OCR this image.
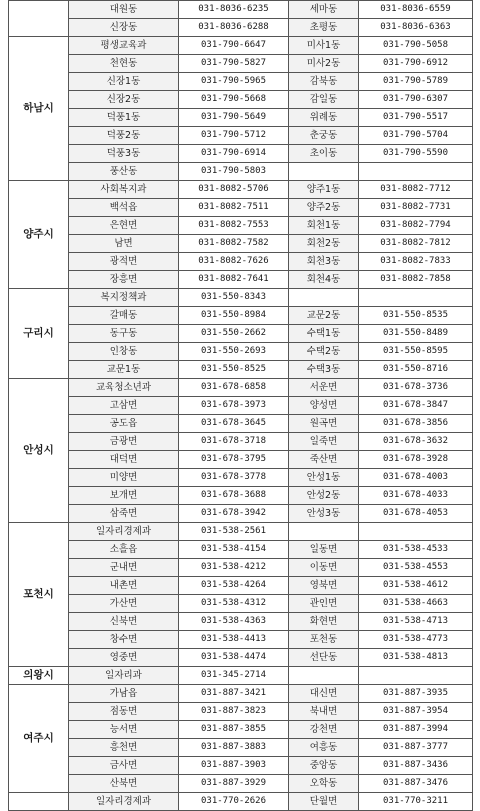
	대원동	031-8036-6235	세마동	031-8036-6559
	신장동	031-8036-6288	초평동	031-8036-6363
하남시	평생교육과	031-790-6647	미사1동	031-790-5058
	천현동	031-790-5827	미사2동	031-790-6912
	신장1동	031-790-5965	감북동	031-790-5789
	신장2동	031-790-5668	감일동	031-790-6307
	덕풍1동	031-790-5649	위례동	031-790-5517
	덕풍2동	031-790-5712	춘궁동	031-790-5704
	덕풍3동	031-790-6914	초이동	031-790-5590
	풍산동	031-790-5803		
양주시	사회복지과	031-8082-5706	양주1동	031-8082-7712
	백석읍	031-8082-7511	양주2동	031-8082-7731
	은현면	031-8082-7553	회천1동	031-8082-7794
	남면	031-8082-7582	회천2동	031-8082-7812
	광적면	031-8082-7626	회천3동	031-8082-7833
	장흥면	031-8082-7641	회천4동	031-8082-7858
구리시	복지정책과	031-550-8343		
	갈매동	031-550-8984	교문2동	031-550-8535
	동구동	031-550-2662	수택1동	031-550-8489
	인창동	031-550-2693	수택2동	031-550-8595
	교문1동	031-550-8525	수택3동	031-550-8716
안성시	교육청소년과	031-678-6858	서운면	031-678-3736
	고삼면	031-678-3973	양성면	031-678-3847
	공도읍	031-678-3645	원곡면	031-678-3856
	금광면	031-678-3718	일죽면	031-678-3632
	대덕면	031-678-3795	죽산면	031-678-3928
	미양면	031-678-3778	안성1동	031-678-4003
	보개면	031-678-3688	안성2동	031-678-4033
	삼죽면	031-678-3942	안성3동	031-678-4053
포천시	일자리경제과	031-538-2561		
	소흘읍	031-538-4154	일동면	031-538-4533
	군내면	031-538-4212	이동면	031-538-4553
	내촌면	031-538-4264	영북면	031-538-4612
	가산면	031-538-4312	관인면	031-538-4663
	신북면	031-538-4363	화현면	031-538-4713
	창수면	031-538-4413	포천동	031-538-4773
	영중면	031-538-4474	선단동	031-538-4813
의왕시	일자리과	031-345-2714		
여주시	가남읍	031-887-3421	대신면	031-887-3935
	점동면	031-887-3823	북내면	031-887-3954
	능서면	031-887-3855	강천면	031-887-3994
	흥천면	031-887-3883	여흥동	031-887-3777
	금사면	031-887-3903	중앙동	031-887-3436
	산북면	031-887-3929	오학동	031-887-3476
	일자리경제과	031-770-2626	단월면	031-770-3211
